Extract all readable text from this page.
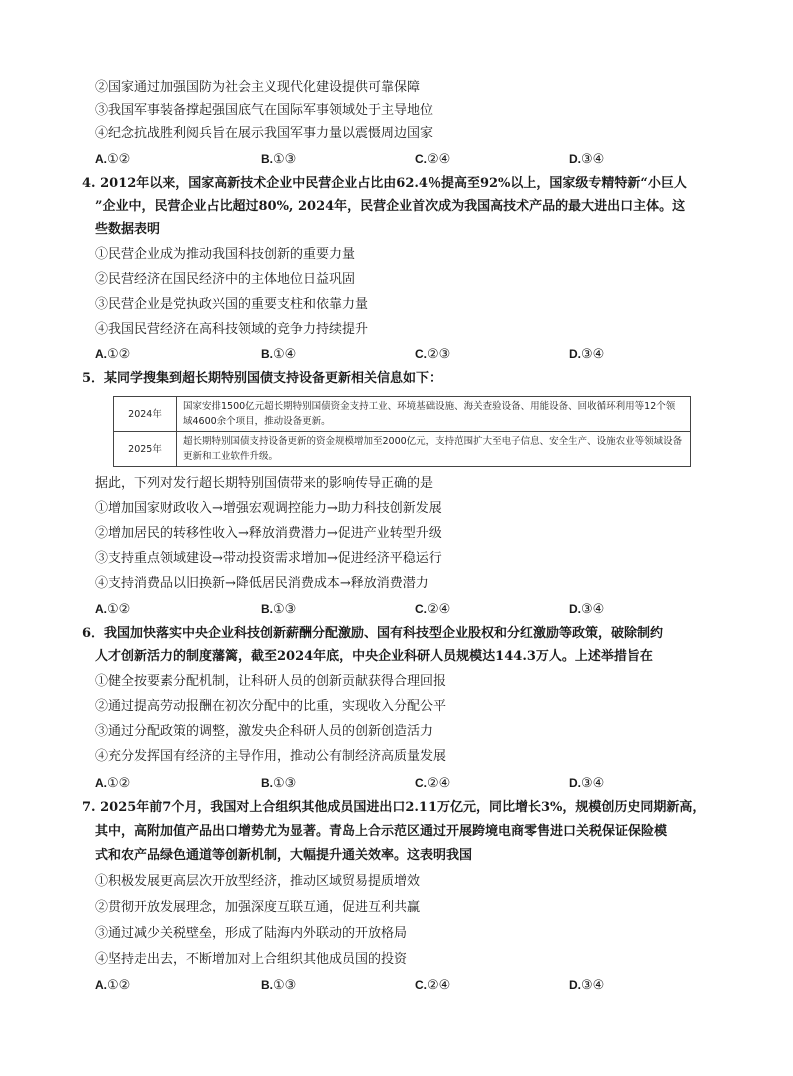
②国家通过加强国防为社会主义现代化建设提供可靠保障
③我国军事装备撑起强国底气在国际军事领域处于主导地位
④纪念抗战胜利阅兵旨在展示我国军事力量以震慑周边国家
A.①②	B.①③	C.②④	D.③④
4. 2012年以来，国家高新技术企业中民营企业占比由62.4％提高至92%以上，国家级专精特新“小巨人
”企业中，民营企业占比超过80%, 2024年，民营企业首次成为我国高技术产品的最大进出口主体。这
些数据表明
①民营企业成为推动我国科技创新的重要力量
②民营经济在国民经济中的主体地位日益巩固
③民营企业是党执政兴国的重要支柱和依靠力量
④我国民营经济在高科技领域的竞争力持续提升
A.①②	B.①④	C.②③	D.③④
5．某同学搜集到超长期特别国债支持设备更新相关信息如下：
2024年	国家安排1500亿元超长期特别国债资金支持工业、环境基础设施、海关查验设备、用能设备、回收循环利用等12个领域4600余个项目，推动设备更新。
2025年	超长期特别国债支持设备更新的资金规模增加至2000亿元，支持范围扩大至电子信息、安全生产、设施农业等领域设备更新和工业软件升级。
据此，下列对发行超长期特别国债带来的影响传导正确的是
①增加国家财政收入→增强宏观调控能力→助力科技创新发展
②增加居民的转移性收入→释放消费潜力→促进产业转型升级
③支持重点领域建设→带动投资需求增加→促进经济平稳运行
④支持消费品以旧换新→降低居民消费成本→释放消费潜力
A.①②	B.①③	C.②④	D.③④
6．我国加快落实中央企业科技创新薪酬分配激励、国有科技型企业股权和分红激励等政策，破除制约
人才创新活力的制度藩篱，截至2024年底，中央企业科研人员规模达144.3万人。上述举措旨在
①健全按要素分配机制，让科研人员的创新贡献获得合理回报
②通过提高劳动报酬在初次分配中的比重，实现收入分配公平
③通过分配政策的调整，激发央企科研人员的创新创造活力
④充分发挥国有经济的主导作用，推动公有制经济高质量发展
A.①②	B.①③	C.②④	D.③④
7. 2025年前7个月，我国对上合组织其他成员国进出口2.11万亿元，同比增长3%，规模创历史同期新高，
其中，高附加值产品出口增势尤为显著。青岛上合示范区通过开展跨境电商零售进口关税保证保险模
式和农产品绿色通道等创新机制，大幅提升通关效率。这表明我国
①积极发展更高层次开放型经济，推动区域贸易提质增效
②贯彻开放发展理念，加强深度互联互通，促进互利共赢
③通过减少关税壁垒，形成了陆海内外联动的开放格局
④坚持走出去，不断增加对上合组织其他成员国的投资
A.①②	B.①③	C.②④	D.③④
